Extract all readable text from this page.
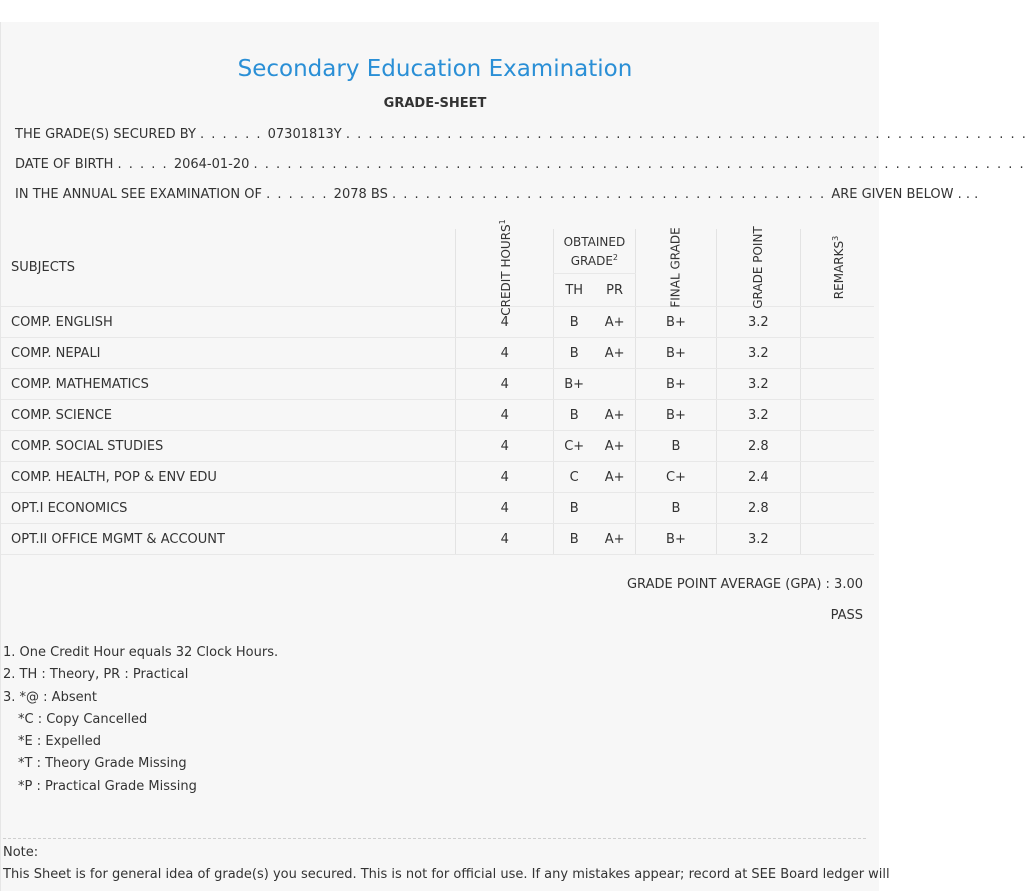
Secondary Education Examination
GRADE-SHEET
THE GRADE(S) SECURED BY . . . . . . 07301813Y . . . . . . . . . . . . . . . . . . . . . . . . . . . . . . . . . . . . . . . . . . . . . . . . . . . . . . . . . . . . .
DATE OF BIRTH . . . . . 2064-01-20 . . . . . . . . . . . . . . . . . . . . . . . . . . . . . . . . . . . . . . . . . . . . . . . . . . . . . . . . . . . . . . . . . . . . .
IN THE ANNUAL SEE EXAMINATION OF . . . . . . 2078 BS . . . . . . . . . . . . . . . . . . . . . . . . . . . . . . . . . . . . . . . ARE GIVEN BELOW . . .
SUBJECTS	CREDIT HOURS$^1$	OBTAINED GRADE$^2$		FINAL GRADE	GRADE POINT	REMARKS$^3$
		TH	PR			
COMP. ENGLISH	4	B	A+	B+	3.2	
COMP. NEPALI	4	B	A+	B+	3.2	
COMP. MATHEMATICS	4	B+		B+	3.2	
COMP. SCIENCE	4	B	A+	B+	3.2	
COMP. SOCIAL STUDIES	4	C+	A+	B	2.8	
COMP. HEALTH, POP & ENV EDU	4	C	A+	C+	2.4	
OPT.I ECONOMICS	4	B		B	2.8	
OPT.II OFFICE MGMT & ACCOUNT	4	B	A+	B+	3.2	
GRADE POINT AVERAGE (GPA) : 3.00
PASS
1. One Credit Hour equals 32 Clock Hours.
2. TH : Theory, PR : Practical
3. *@ : Absent
*C : Copy Cancelled
*E : Expelled
*T : Theory Grade Missing
*P : Practical Grade Missing
Note:
This Sheet is for general idea of grade(s) you secured. This is not for official use. If any mistakes appear; record at SEE Board ledger will
